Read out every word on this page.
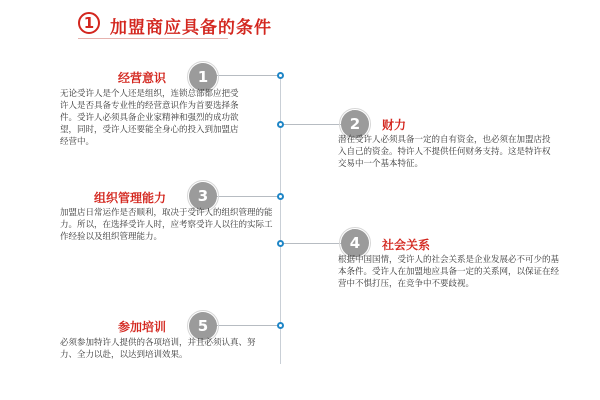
1 加盟商应具备的条件
1
经营意识
无论受许人是个人还是组织，连锁总部都应把受许人是否具备专业性的经营意识作为首要选择条件。受许人必须具备企业家精神和强烈的成功欲望，同时，受许人还要能全身心的投入到加盟店经营中。
2	财力
潜在受许人必须具备一定的自有资金，也必须在加盟店投入自己的资金。特许人不提供任何财务支持。这是特许权交易中一个基本特征。
3
组织管理能力
加盟店日常运作是否顺利，取决于受许人的组织管理的能力。所以，在选择受许人时，应考察受许人以往的实际工作经验以及组织管理能力。	4	社会关系
根据中国国情，受许人的社会关系是企业发展必不可少的基本条件。受许人在加盟地应具备一定的关系网，以保证在经营中不惧打压，在竞争中不要歧视。
5
参加培训
必须参加特许人提供的各项培训，并且必须认真、努力、全力以赴，以达到培训效果。
